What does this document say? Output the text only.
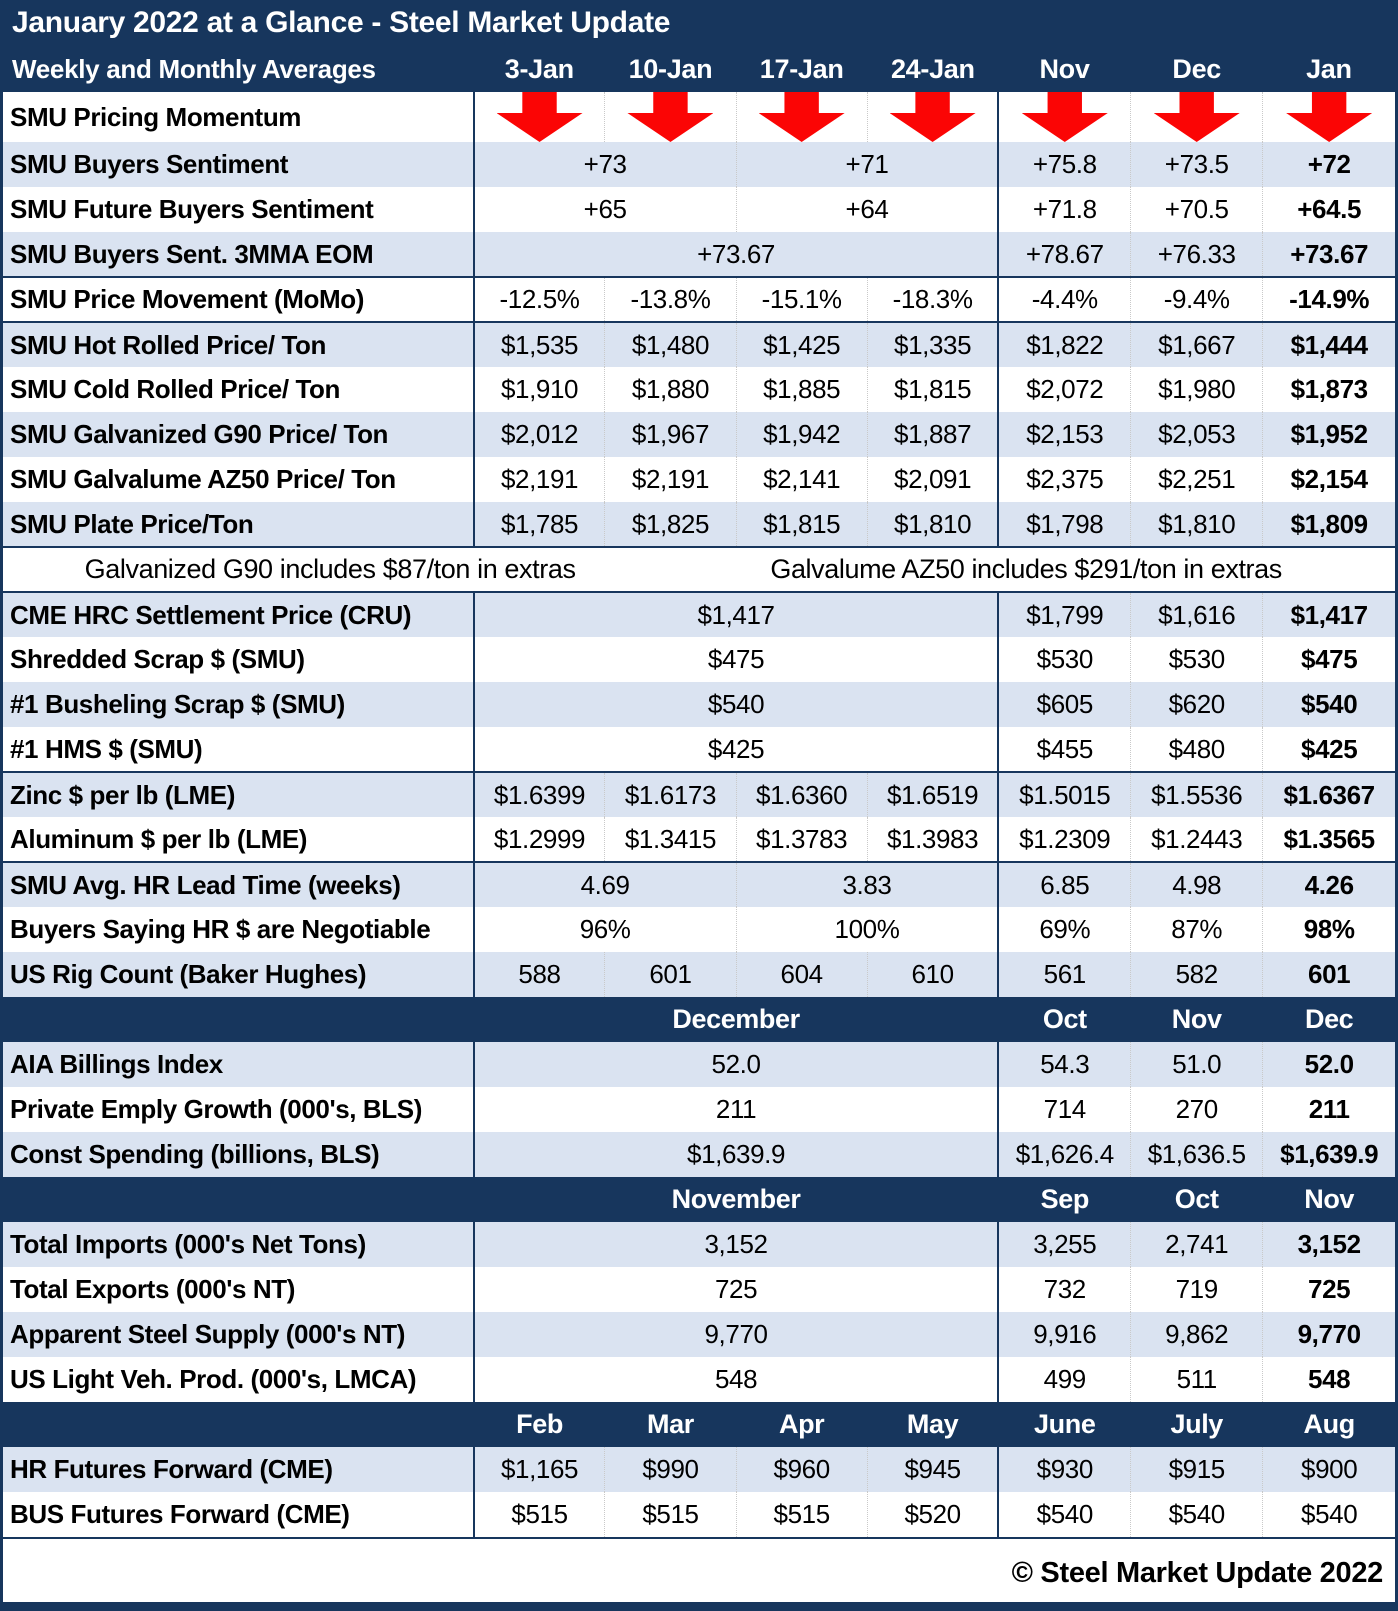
January 2022 at a Glance - Steel Market Update
Weekly and Monthly Averages	3-Jan	10-Jan	17-Jan	24-Jan	Nov	Dec	Jan
SMU Pricing Momentum	

SMU Buyers Sentiment	+73		+71		+75.8	+73.5	+72
SMU Future Buyers Sentiment	+65		+64		+71.8	+70.5	+64.5
SMU Buyers Sent. 3MMA EOM	+73.67				+78.67	+76.33	+73.67
SMU Price Movement (MoMo)	-12.5%	-13.8%	-15.1%	-18.3%	-4.4%	-9.4%	-14.9%
SMU Hot Rolled Price/ Ton	$1,535	$1,480	$1,425	$1,335	$1,822	$1,667	$1,444
SMU Cold Rolled Price/ Ton	$1,910	$1,880	$1,885	$1,815	$2,072	$1,980	$1,873
SMU Galvanized G90 Price/ Ton	$2,012	$1,967	$1,942	$1,887	$2,153	$2,053	$1,952
SMU Galvalume AZ50 Price/ Ton	$2,191	$2,191	$2,141	$2,091	$2,375	$2,251	$2,154
SMU Plate Price/Ton	$1,785	$1,825	$1,815	$1,810	$1,798	$1,810	$1,809

Galvanized G90 includes $87/ton in extras Galvalume AZ50 includes $291/ton in extras							

CME HRC Settlement Price (CRU)	$1,417				$1,799	$1,616	$1,417
Shredded Scrap $ (SMU)	$475				$530	$530	$475
#1 Busheling Scrap $ (SMU)	$540				$605	$620	$540
#1 HMS $ (SMU)	$425				$455	$480	$425
Zinc $ per lb (LME)	$1.6399	$1.6173	$1.6360	$1.6519	$1.5015	$1.5536	$1.6367
Aluminum $ per lb (LME)	$1.2999	$1.3415	$1.3783	$1.3983	$1.2309	$1.2443	$1.3565
SMU Avg. HR Lead Time (weeks)	4.69		3.83		6.85	4.98	4.26
Buyers Saying HR $ are Negotiable	96%		100%		69%	87%	98%
US Rig Count (Baker Hughes)	588	601	604	610	561	582	601
	December				Oct	Nov	Dec
AIA Billings Index	52.0				54.3	51.0	52.0
Private Emply Growth (000's, BLS)	211				714	270	211
Const Spending (billions, BLS)	$1,639.9				$1,626.4	$1,636.5	$1,639.9
	November				Sep	Oct	Nov
Total Imports (000's Net Tons)	3,152				3,255	2,741	3,152
Total Exports (000's NT)	725				732	719	725
Apparent Steel Supply (000's NT)	9,770				9,916	9,862	9,770
US Light Veh. Prod. (000's, LMCA)	548				499	511	548
	Feb	Mar	Apr	May	June	July	Aug
HR Futures Forward (CME)	$1,165	$990	$960	$945	$930	$915	$900
BUS Futures Forward (CME)	$515	$515	$515	$520	$540	$540	$540
© Steel Market Update 2022
